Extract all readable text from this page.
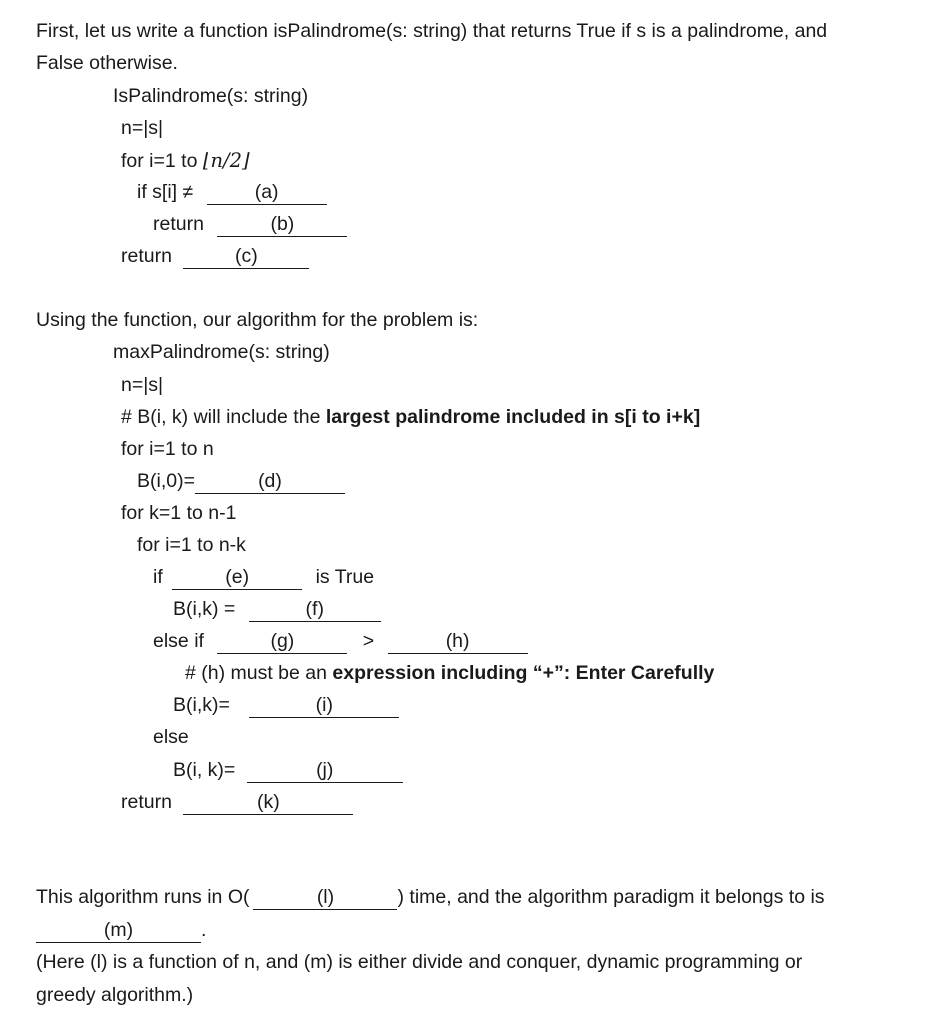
First, let us write a function isPalindrome(s: string) that returns True if s is a palindrome, and
False otherwise.
IsPalindrome(s: string)
n=|s|
for i=1 to ⌊n/2⌋
if s[i] ≠	(a)
return	(b)
return	(c)
Using the function, our algorithm for the problem is:
maxPalindrome(s: string)
n=|s|
# B(i, k) will include the largest palindrome included in s[i to i+k]
for i=1 to n
B(i,0)=	(d)
for k=1 to n-1
for i=1 to n-k
if	(e)	is True
B(i,k) =	(f)
else if	(g)	>	(h)
# (h) must be an expression including “+”: Enter Carefully
B(i,k)=	(i)
else
B(i, k)=	(j)
return	(k)
This algorithm runs in O(	(l)	) time, and the algorithm paradigm it belongs to is
(m)	.
(Here (l) is a function of n, and (m) is either divide and conquer, dynamic programming or
greedy algorithm.)
